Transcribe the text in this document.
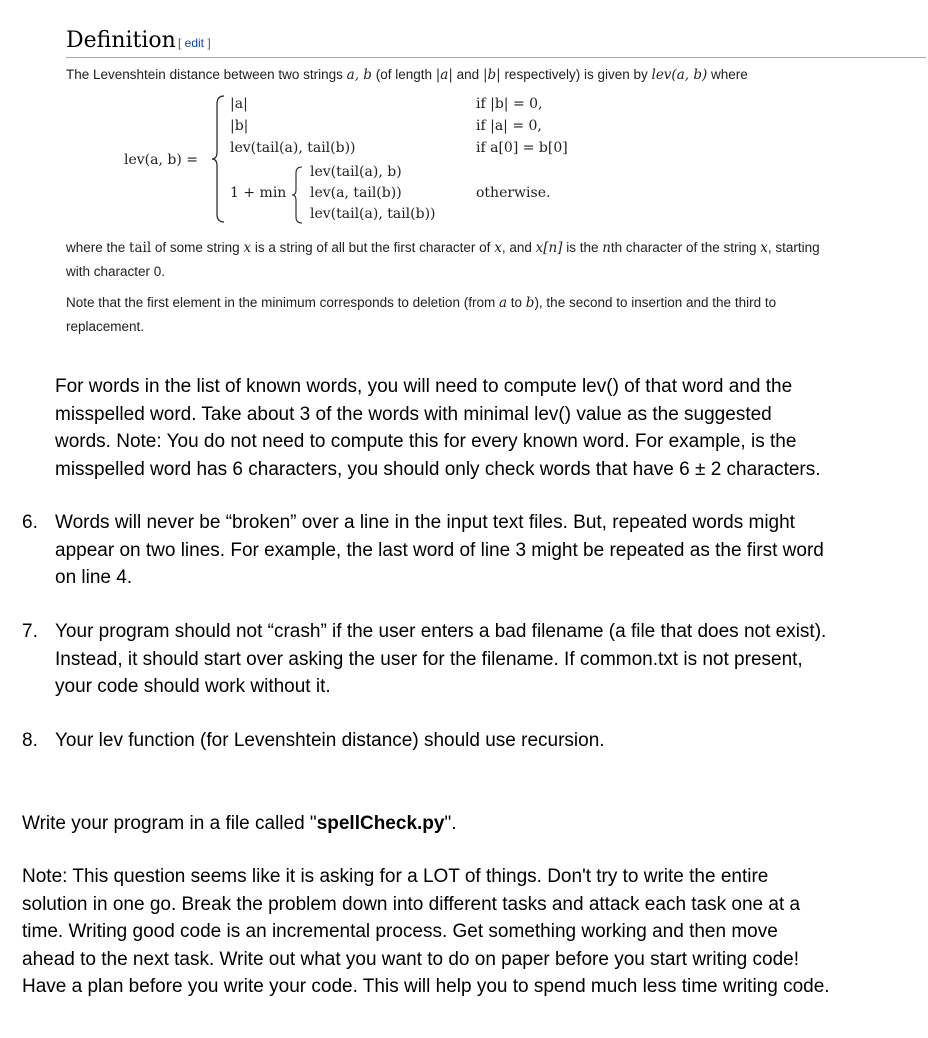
Definition [ edit ]
The Levenshtein distance between two strings a, b (of length |a| and |b| respectively) is given by lev(a, b) where
lev(a, b) =
|a|
|b|
lev(tail(a), tail(b))
1 + min
lev(tail(a), b)
lev(a, tail(b))
lev(tail(a), tail(b))
if |b| = 0,
if |a| = 0,
if a[0] = b[0]
otherwise.
where the tail of some string x is a string of all but the first character of x, and x[n] is the nth character of the string x, starting
with character 0.
Note that the first element in the minimum corresponds to deletion (from a to b), the second to insertion and the third to
replacement.
For words in the list of known words, you will need to compute lev() of that word and the
misspelled word. Take about 3 of the words with minimal lev() value as the suggested
words. Note: You do not need to compute this for every known word. For example, is the
misspelled word has 6 characters, you should only check words that have 6 ± 2 characters.
6. Words will never be “broken” over a line in the input text files. But, repeated words might
appear on two lines. For example, the last word of line 3 might be repeated as the first word
on line 4.
7. Your program should not “crash” if the user enters a bad filename (a file that does not exist).
Instead, it should start over asking the user for the filename. If common.txt is not present,
your code should work without it.
8. Your lev function (for Levenshtein distance) should use recursion.
Write your program in a file called "spellCheck.py".
Note: This question seems like it is asking for a LOT of things. Don't try to write the entire
solution in one go. Break the problem down into different tasks and attack each task one at a
time. Writing good code is an incremental process. Get something working and then move
ahead to the next task. Write out what you want to do on paper before you start writing code!
Have a plan before you write your code. This will help you to spend much less time writing code.
